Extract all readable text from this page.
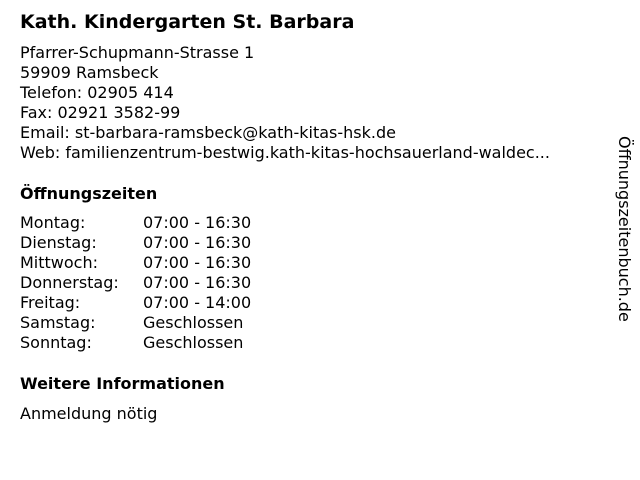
Kath. Kindergarten St. Barbara
Pfarrer-Schupmann-Strasse 1
59909 Ramsbeck
Telefon: 02905 414
Fax: 02921 3582-99
Email: st-barbara-ramsbeck@kath-kitas-hsk.de
Web: familienzentrum-bestwig.kath-kitas-hochsauerland-waldec...
Öffnungszeiten
Montag:	07:00 - 16:30
Dienstag:	07:00 - 16:30
Mittwoch:	07:00 - 16:30
Donnerstag:	07:00 - 16:30
Freitag:	07:00 - 14:00
Samstag:	Geschlossen
Sonntag:	Geschlossen
Weitere Informationen
Anmeldung nötig
Öffnungszeitenbuch.de
